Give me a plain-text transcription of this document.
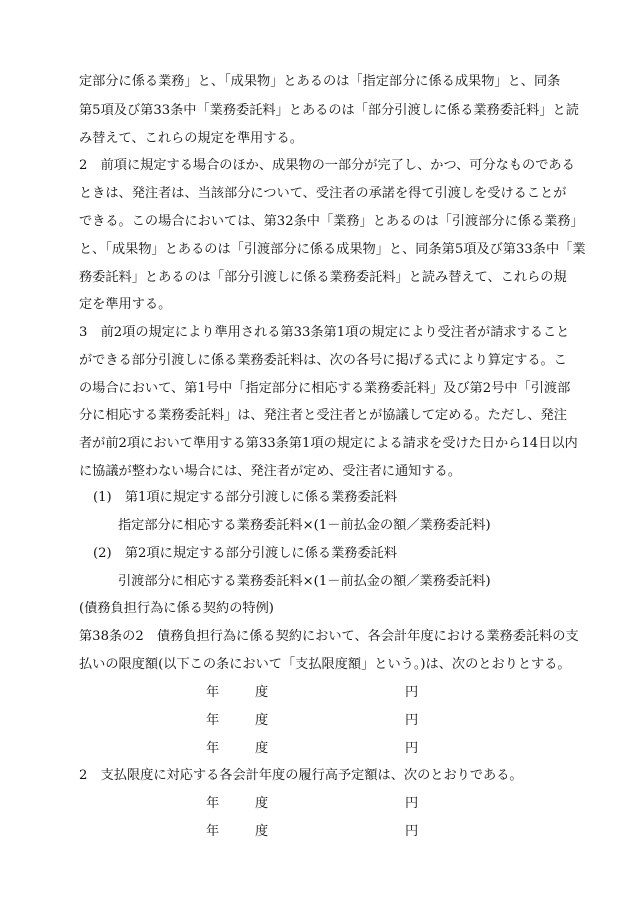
定部分に係る業務」と、「成果物」とあるのは「指定部分に係る成果物」と、同条
第5項及び第33条中「業務委託料」とあるのは「部分引渡しに係る業務委託料」と読
み替えて、これらの規定を準用する。
2　前項に規定する場合のほか、成果物の一部分が完了し、かつ、可分なものである
ときは、発注者は、当該部分について、受注者の承諾を得て引渡しを受けることが
できる。この場合においては、第32条中「業務」とあるのは「引渡部分に係る業務」
と、「成果物」とあるのは「引渡部分に係る成果物」と、同条第5項及び第33条中「業
務委託料」とあるのは「部分引渡しに係る業務委託料」と読み替えて、これらの規
定を準用する。
3　前2項の規定により準用される第33条第1項の規定により受注者が請求すること
ができる部分引渡しに係る業務委託料は、次の各号に掲げる式により算定する。こ
の場合において、第1号中「指定部分に相応する業務委託料」及び第2号中「引渡部
分に相応する業務委託料」は、発注者と受注者とが協議して定める。ただし、発注
者が前2項において準用する第33条第1項の規定による請求を受けた日から14日以内
に協議が整わない場合には、発注者が定め、受注者に通知する。
(1)　第1項に規定する部分引渡しに係る業務委託料
指定部分に相応する業務委託料×(1－前払金の額／業務委託料)
(2)　第2項に規定する部分引渡しに係る業務委託料
引渡部分に相応する業務委託料×(1－前払金の額／業務委託料)
(債務負担行為に係る契約の特例)
第38条の2　債務負担行為に係る契約において、各会計年度における業務委託料の支
払いの限度額(以下この条において「支払限度額」という。)は、次のとおりとする。
年	度	円
年	度	円
年	度	円
2　支払限度に対応する各会計年度の履行高予定額は、次のとおりである。
年	度	円
年	度	円
